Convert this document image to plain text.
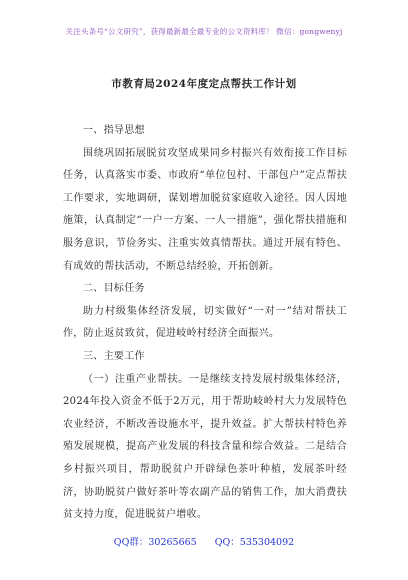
关注头条号“公文研究”，获得最新最全最专业的公文资料库！ 微信：gongwenyj
市教育局2024年度定点帮扶工作计划

一、指导思想

围绕巩固拓展脱贫攻坚成果同乡村振兴有效衔接工作目标任务，认真落实市委、市政府“单位包村、干部包户”定点帮扶工作要求，实地调研，谋划增加脱贫家庭收入途径。因人因地施策，认真制定“一户一方案、一人一措施”，强化帮扶措施和服务意识，节俭务实、注重实效真情帮扶。通过开展有特色、有成效的帮扶活动，不断总结经验，开拓创新。

二、目标任务

助力村级集体经济发展，切实做好“一对一”结对帮扶工作，防止返贫致贫，促进岐岭村经济全面振兴。

三、主要工作

（一）注重产业帮扶。一是继续支持发展村级集体经济，2024年投入资金不低于2万元，用于帮助岐岭村大力发展特色农业经济，不断改善设施水平，提升效益。扩大帮扶村特色养殖发展规模，提高产业发展的科技含量和综合效益。二是结合乡村振兴项目，帮助脱贫户开辟绿色茶叶种植，发展茶叶经济，协助脱贫户做好茶叶等农副产品的销售工作，加大消费扶贫支持力度，促进脱贫户增收。

QQ群：30265665 QQ：535304092
